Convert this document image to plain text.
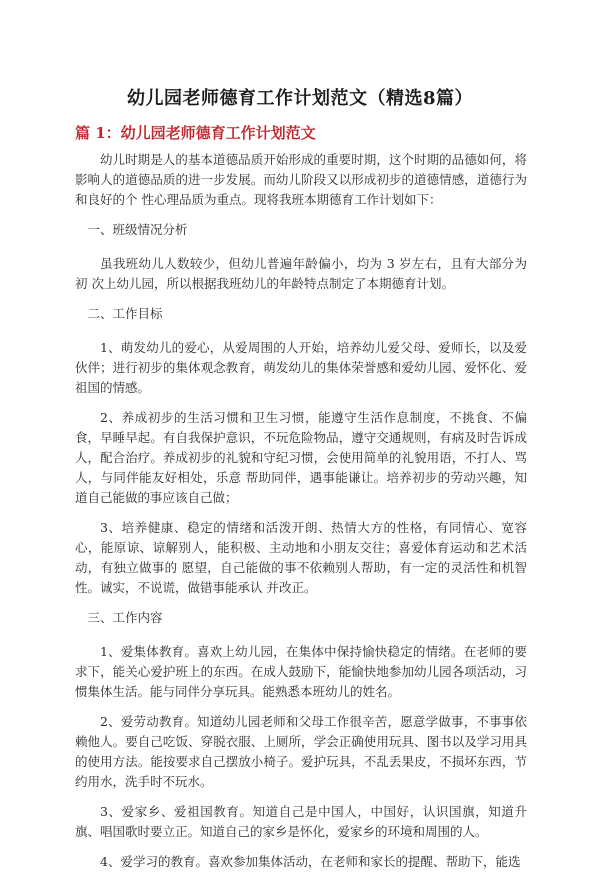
幼儿园老师德育工作计划范文（精选8篇）
篇 1：幼儿园老师德育工作计划范文

幼儿时期是人的基本道德品质开始形成的重要时期，这个时期的品德如何，将影响人的道德品质的进一步发展。而幼儿阶段又以形成初步的道德情感，道德行为和良好的个 性心理品质为重点。现将我班本期德育工作计划如下：

一、班级情况分析

虽我班幼儿人数较少，但幼儿普遍年龄偏小，均为 3 岁左右，且有大部分为初 次上幼儿园，所以根据我班幼儿的年龄特点制定了本期德育计划。

二、工作目标

1、萌发幼儿的爱心，从爱周围的人开始，培养幼儿爱父母、爱师长，以及爱 伙伴；进行初步的集体观念教育，萌发幼儿的集体荣誉感和爱幼儿园、爱怀化、爱祖国的情感。

2、养成初步的生活习惯和卫生习惯，能遵守生活作息制度，不挑食、不偏食，早睡早起。有自我保护意识，不玩危险物品，遵守交通规则，有病及时告诉成人，配合治疗。养成初步的礼貌和守纪习惯，会使用简单的礼貌用语，不打人、骂人，与同伴能友好相处，乐意 帮助同伴，遇事能谦让。培养初步的劳动兴趣，知道自己能做的事应该自己做；

3、培养健康、稳定的情绪和活泼开朗、热情大方的性格，有同情心、宽容心，能原谅、谅解别人，能积极、主动地和小朋友交往；喜爱体育运动和艺术活动，有独立做事的 愿望，自己能做的事不依赖别人帮助，有一定的灵活性和机智性。诚实，不说谎，做错事能承认 并改正。

三、工作内容

1、爱集体教育。喜欢上幼儿园，在集体中保持愉快稳定的情绪。在老师的要 求下，能关心爱护班上的东西。在成人鼓励下，能愉快地参加幼儿园各项活动，习惯集体生活。能与同伴分享玩具。能熟悉本班幼儿的姓名。

2、爱劳动教育。知道幼儿园老师和父母工作很辛苦，愿意学做事，不事事依 赖他人。要自己吃饭、穿脱衣服、上厕所，学会正确使用玩具、图书以及学习用具的使用方法。能按要求自己摆放小椅子。爱护玩具，不乱丢果皮，不损坏东西，节约用水，洗手时不玩水。

3、爱家乡、爱祖国教育。知道自己是中国人，中国好，认识国旗，知道升旗、唱国歌时要立正。知道自己的家乡是怀化，爱家乡的环境和周围的人。

4、爱学习的教育。喜欢参加集体活动，在老师和家长的提醒、帮助下，能选
